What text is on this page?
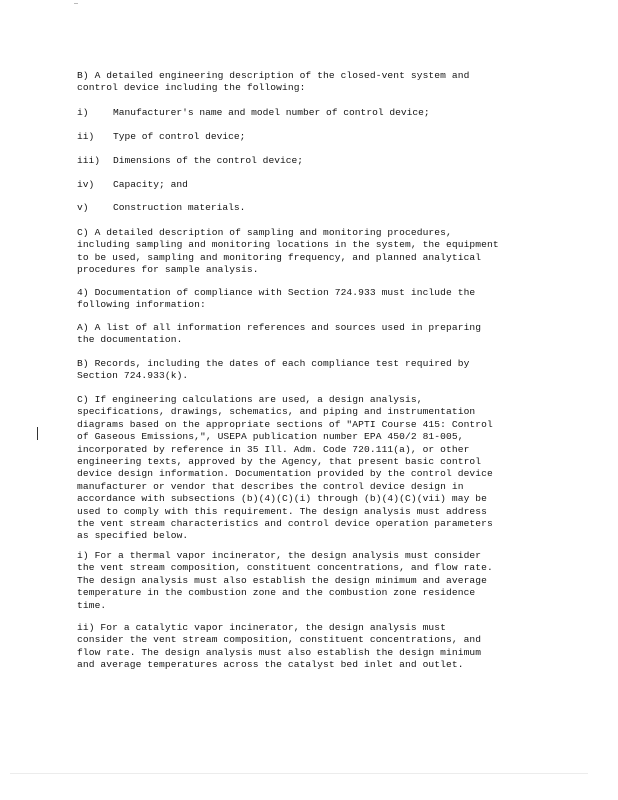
B) A detailed engineering description of the closed-vent system and
control device including the following:
i)	Manufacturer's name and model number of control device;
ii) Type of control device;
iii) Dimensions of the control device;
iv) Capacity; and
v)	Construction materials.
C) A detailed description of sampling and monitoring procedures,
including sampling and monitoring locations in the system, the equipment
to be used, sampling and monitoring frequency, and planned analytical
procedures for sample analysis.
4) Documentation of compliance with Section 724.933 must include the
following information:
A) A list of all information references and sources used in preparing
the documentation.
B) Records, including the dates of each compliance test required by
Section 724.933(k).
C) If engineering calculations are used, a design analysis,
specifications, drawings, schematics, and piping and instrumentation
diagrams based on the appropriate sections of "APTI Course 415: Control
of Gaseous Emissions,", USEPA publication number EPA 450/2 81-005,
incorporated by reference in 35 Ill. Adm. Code 720.111(a), or other
engineering texts, approved by the Agency, that present basic control
device design information. Documentation provided by the control device
manufacturer or vendor that describes the control device design in
accordance with subsections (b)(4)(C)(i) through (b)(4)(C)(vii) may be
used to comply with this requirement. The design analysis must address
the vent stream characteristics and control device operation parameters
as specified below.
i) For a thermal vapor incinerator, the design analysis must consider
the vent stream composition, constituent concentrations, and flow rate.
The design analysis must also establish the design minimum and average
temperature in the combustion zone and the combustion zone residence
time.
ii) For a catalytic vapor incinerator, the design analysis must
consider the vent stream composition, constituent concentrations, and
flow rate. The design analysis must also establish the design minimum
and average temperatures across the catalyst bed inlet and outlet.
